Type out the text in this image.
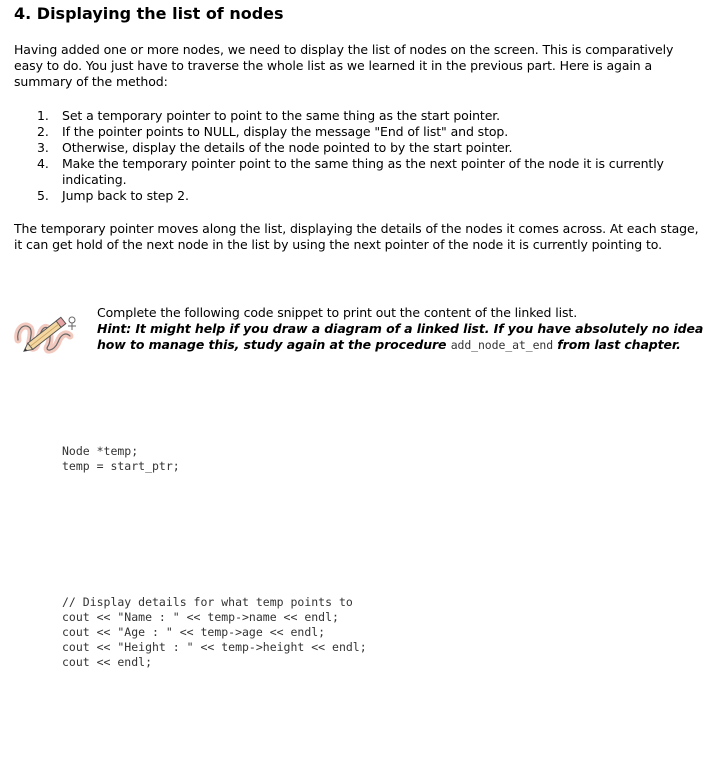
4. Displaying the list of nodes

Having added one or more nodes, we need to display the list of nodes on the screen. This is comparatively easy to do. You just have to traverse the whole list as we learned it in the previous part. Here is again a summary of the method:

1. Set a temporary pointer to point to the same thing as the start pointer.
2. If the pointer points to NULL, display the message "End of list" and stop.
3. Otherwise, display the details of the node pointed to by the start pointer.
4. Make the temporary pointer point to the same thing as the next pointer of the node it is currently indicating.
5. Jump back to step 2.

The temporary pointer moves along the list, displaying the details of the nodes it comes across. At each stage, it can get hold of the next node in the list by using the next pointer of the node it is currently pointing to.

Complete the following code snippet to print out the content of the linked list.

Hint: It might help if you draw a diagram of a linked list. If you have absolutely no idea how to manage this, study again at the procedure add_node_at_end from last chapter.

Node *temp;
temp = start_ptr;
// Display details for what temp points to
cout << "Name : " << temp->name << endl;
cout << "Age : " << temp->age << endl;
cout << "Height : " << temp->height << endl;
cout << endl;
